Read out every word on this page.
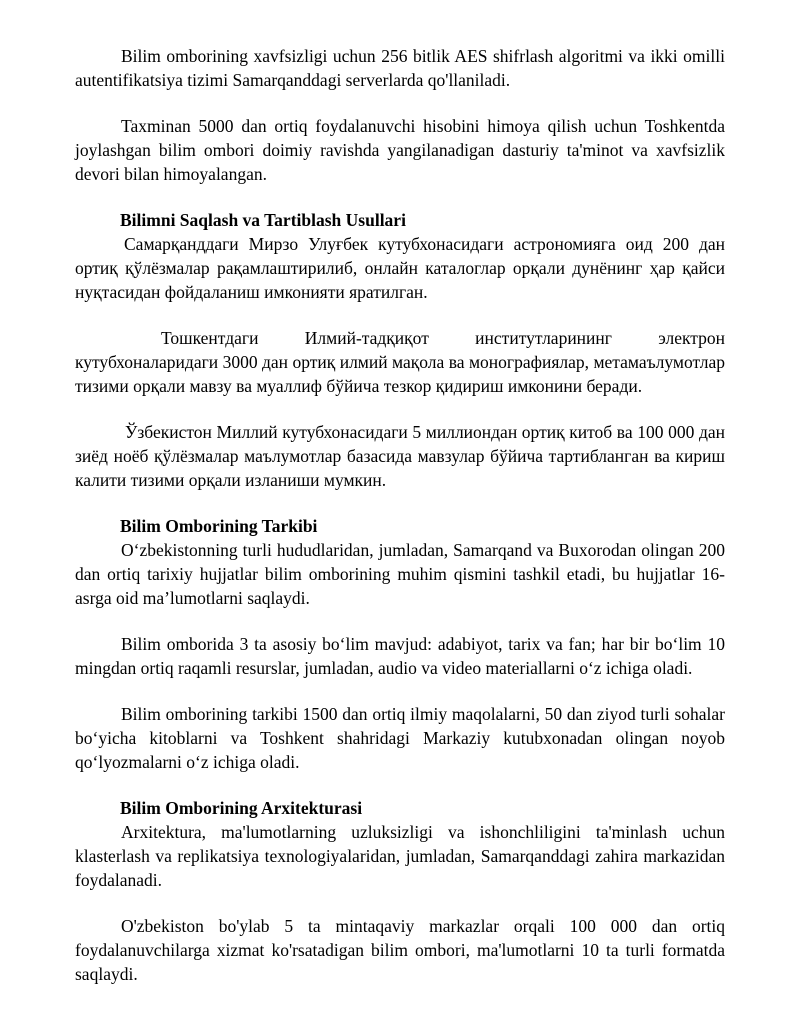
Bilim omborining xavfsizligi uchun 256 bitlik AES shifrlash algoritmi va ikki omilli autentifikatsiya tizimi Samarqanddagi serverlarda qo'llaniladi.

Taxminan 5000 dan ortiq foydalanuvchi hisobini himoya qilish uchun Toshkentda joylashgan bilim ombori doimiy ravishda yangilanadigan dasturiy ta'minot va xavfsizlik devori bilan himoyalangan.

Bilimni Saqlash va Tartiblash Usullari

Самарқанддаги Мирзо Улуғбек кутубхонасидаги астрономияга оид 200 дан ортиқ қўлёзмалар рақамлаштирилиб, онлайн каталоглар орқали дунёнинг ҳар қайси нуқтасидан фойдаланиш имконияти яратилган.

Тошкентдаги Илмий-тадқиқот институтларининг электрон кутубхоналаридаги 3000 дан ортиқ илмий мақола ва монографиялар, метамаълумотлар тизими орқали мавзу ва муаллиф бўйича тезкор қидириш имконини беради.

Ўзбекистон Миллий кутубхонасидаги 5 миллиондан ортиқ китоб ва 100 000 дан зиёд ноёб қўлёзмалар маълумотлар базасида мавзулар бўйича тартибланган ва кириш калити тизими орқали изланиши мумкин.

Bilim Omborining Tarkibi

O‘zbekistonning turli hududlaridan, jumladan, Samarqand va Buxorodan olingan 200 dan ortiq tarixiy hujjatlar bilim omborining muhim qismini tashkil etadi, bu hujjatlar 16-asrga oid ma’lumotlarni saqlaydi.

Bilim omborida 3 ta asosiy bo‘lim mavjud: adabiyot, tarix va fan; har bir bo‘lim 10 mingdan ortiq raqamli resurslar, jumladan, audio va video materiallarni o‘z ichiga oladi.

Bilim omborining tarkibi 1500 dan ortiq ilmiy maqolalarni, 50 dan ziyod turli sohalar bo‘yicha kitoblarni va Toshkent shahridagi Markaziy kutubxonadan olingan noyob qo‘lyozmalarni o‘z ichiga oladi.

Bilim Omborining Arxitekturasi

Arxitektura, ma'lumotlarning uzluksizligi va ishonchliligini ta'minlash uchun klasterlash va replikatsiya texnologiyalaridan, jumladan, Samarqanddagi zahira markazidan foydalanadi.

O'zbekiston bo'ylab 5 ta mintaqaviy markazlar orqali 100 000 dan ortiq foydalanuvchilarga xizmat ko'rsatadigan bilim ombori, ma'lumotlarni 10 ta turli formatda saqlaydi.
